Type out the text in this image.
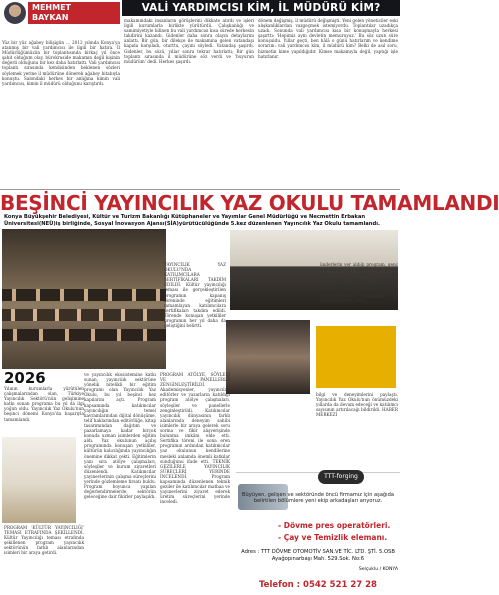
MEHMET
BAYKAN
VALİ YARDIMCISI KİM, İL MÜDÜRÜ KİM?
Yüz bir yüz ağabey bilişigün ... 2012 yılında Konya'ya atanmış bir vali yardımcısı ile ilgili bir hatıra. İl Müdürlüğümüzün bir toplantısında birkaç yıl önce şahit olduğum olay, bürokraside makamın değil kişinin değerli olduğunu bir kez daha hatırlattı. Vali yardımcısı toplantı sırasında kendisinden beklenen sözleri söylemek yerine il müdürüne dönerek ağabey hitabıyla konuştu. Salondaki herkes bir anlığına kimin vali yardımcısı, kimin il müdürü olduğunu karıştırdı.
makamındaki insanların görüşlerini dikkate alırdı ve işleri ilgili kurumlarla birlikte yürütürdü. Çalışkanlığı ve samimiyetiyle bilinen bu vali yardımcısı kısa sürede herkesin takdirini kazandı. Gidenler daha sonra olayın detaylarını anlattı. Bir gün, bir dilekçe ile makamına gelen vatandaşı kapıda karşıladı, oturttu, çayını söyledi. Vatandaş şaşırdı. Gidenler, bu sözü, yıllar sonra tekrar hatırlattı; Bir gün toplantı sırasında il müdürüne söz verdi ve 'buyurun müdürüm' dedi. Herkes şaşırdı.
dönem değişmiş, il müdürü değişmişti. Yeni gelen yöneticiler eski alışkanlıklardan vazgeçmek istemiyordu. Toplantılar uzadıkça uzadı. Sonunda vali yardımcısı kısa bir konuşmayla herkesi şaşırttı: 'Hepimiz aynı devletin memuruyuz.' Bu söz uzun süre konuşuldu. Yıllar geçti, ben hâlâ o günü hatırlarım ve kendime sorarım: vali yardımcısı kim, il müdürü kim? Belki de asıl soru, hizmetin kime yapıldığıdır. Kimse makamıyla değil, yaptığı işle hatırlanır.
BEŞİNCİ YAYINCILIK YAZ OKULU TAMAMLANDI
Konya Büyükşehir Belediyesi, Kültür ve Turizm Bakanlığı Kütüphaneler ve Yayımlar Genel Müdürlüğü ve Necmettin Erbakan Üniversitesi(NEÜ)iş birliğinde, Sosyal İnovasyon Ajansı(SİA)yürütücülüğünde 5.kez düzenlenen Yayıncılık Yaz Okulu tamamlandı.
2026
Yılının kurumlarla yürütülen çalışmalarından olan, Türkiye Yayıncılık Sektörü'nün gelişimine katkı sunan programa bu yıl da ilgi yoğun oldu. Yayıncılık Yaz Okulu'nun beşinci dönemi Konya'da başarıyla tamamlandı.
PROGRAM 'KÜLTÜR YAYINCILIĞI' TEMASI ETRAFINDA ŞEKİLLENDİ. Kültür Yayıncılığı teması etrafında şekillenen program yayıncılık sektörünün farklı alanlarından isimleri bir araya getirdi.
ve yayıncılık ekosistemine katkı sunan, yayıncılık sektörüne yönelik nitelikli bir eğitim programı olan Yayıncılık Yaz Okulu, bu yıl beşinci kez kapılarını açtı. Program kapsamında katılımcılar yayıncılığın temel kavramlarından dijital dönüşüme, telif haklarından editörlüğe, kitap tasarımından dağıtım ve pazarlamaya kadar birçok konuda uzman isimlerden eğitim aldı. Yaz okulunun açılış programında konuşan yetkililer, kültürün kalıcılığında yayıncılığın önemine dikkat çekti. Eğitimlerin yanı sıra atölye çalışmaları, söyleşiler ve kurum ziyaretleri düzenlendi. Katılımcılar yayınevlerinin çalışma süreçlerini yerinde gözlemleme fırsatı buldu. Program boyunca yapılan değerlendirmelerde, sektörün geleceğine dair fikirler paylaşıldı.
PROGRAM ATÖLYE, SÖYLEŞİ VE PANELLERLE ZENGİNLEŞTİRİLDİ. Akademisyenler, yayıncılar, editörler ve yazarların katıldığı program atölye çalışmaları, söyleşiler ve panellerle zenginleştirildi. Katılımcılar yayıncılık dünyasının farklı alanlarında deneyim sahibi isimlerle bir araya gelerek soru sorma ve fikir alışverişinde bulunma imkânı elde etti. Sertifika töreni ile sona eren programın ardından katılımcılar yaz okulunun kendilerine mesleki anlamda önemli katkılar sunduğunu ifade etti. TEKNİK GEZİLERLE YAYINCILIK SÜREÇLERİ YERİNDE İNCELENDİ. Program kapsamında düzenlenen teknik geziler ile katılımcılar matbaa ve yayınevlerini ziyaret ederek üretim süreçlerini yerinde inceledi.
ünderlerin yer aldığı program, genç yayıncılara ve sektöre ilgi duyan öğrencilere yönelik hazırlandı. Necmettin Erbakan Üniversitesi Yayınevi, Konya Büyükşehir Belediyesi Kültür Yayınları ve çeşitli yayınevlerinden temsilciler de programda yer aldı.
YAYINCILIK YAZ OKULU'NDA KATILIMCILARA SERTİFİKALARI TAKDİM EDİLDİ. Kültür yayıncılığı teması ile gerçekleştirilen programın kapanış töreninde eğitimleri tamamlayan katılımcılara sertifikaları takdim edildi. Törende konuşan yetkililer programın her yıl daha da geliştiğini belirtti.
bilgi ve deneyimlerini paylaştı. Yayıncılık Yaz Okulu'nun önümüzdeki yıllarda da devam edeceği ve katılımcı sayısının artırılacağı bildirildi. HABER MERKEZİ
TTT-forging
Büyüyen, gelişen ve sektöründe öncü firmamız için aşağıda belirtilen bölümlere yeni ekip arkadaşları arıyoruz.
- Dövme pres operatörleri.
- Çay ve Temizlik elemanı.
Adres : TTT DÖVME OTOMOTİV SAN.VE TİC. LTD. ŞTİ. 5.OSB Ayağopınarbaşı Mah. 529.Sok. No:6
Selçuklu / KONYA
Telefon : 0542 521 27 28
